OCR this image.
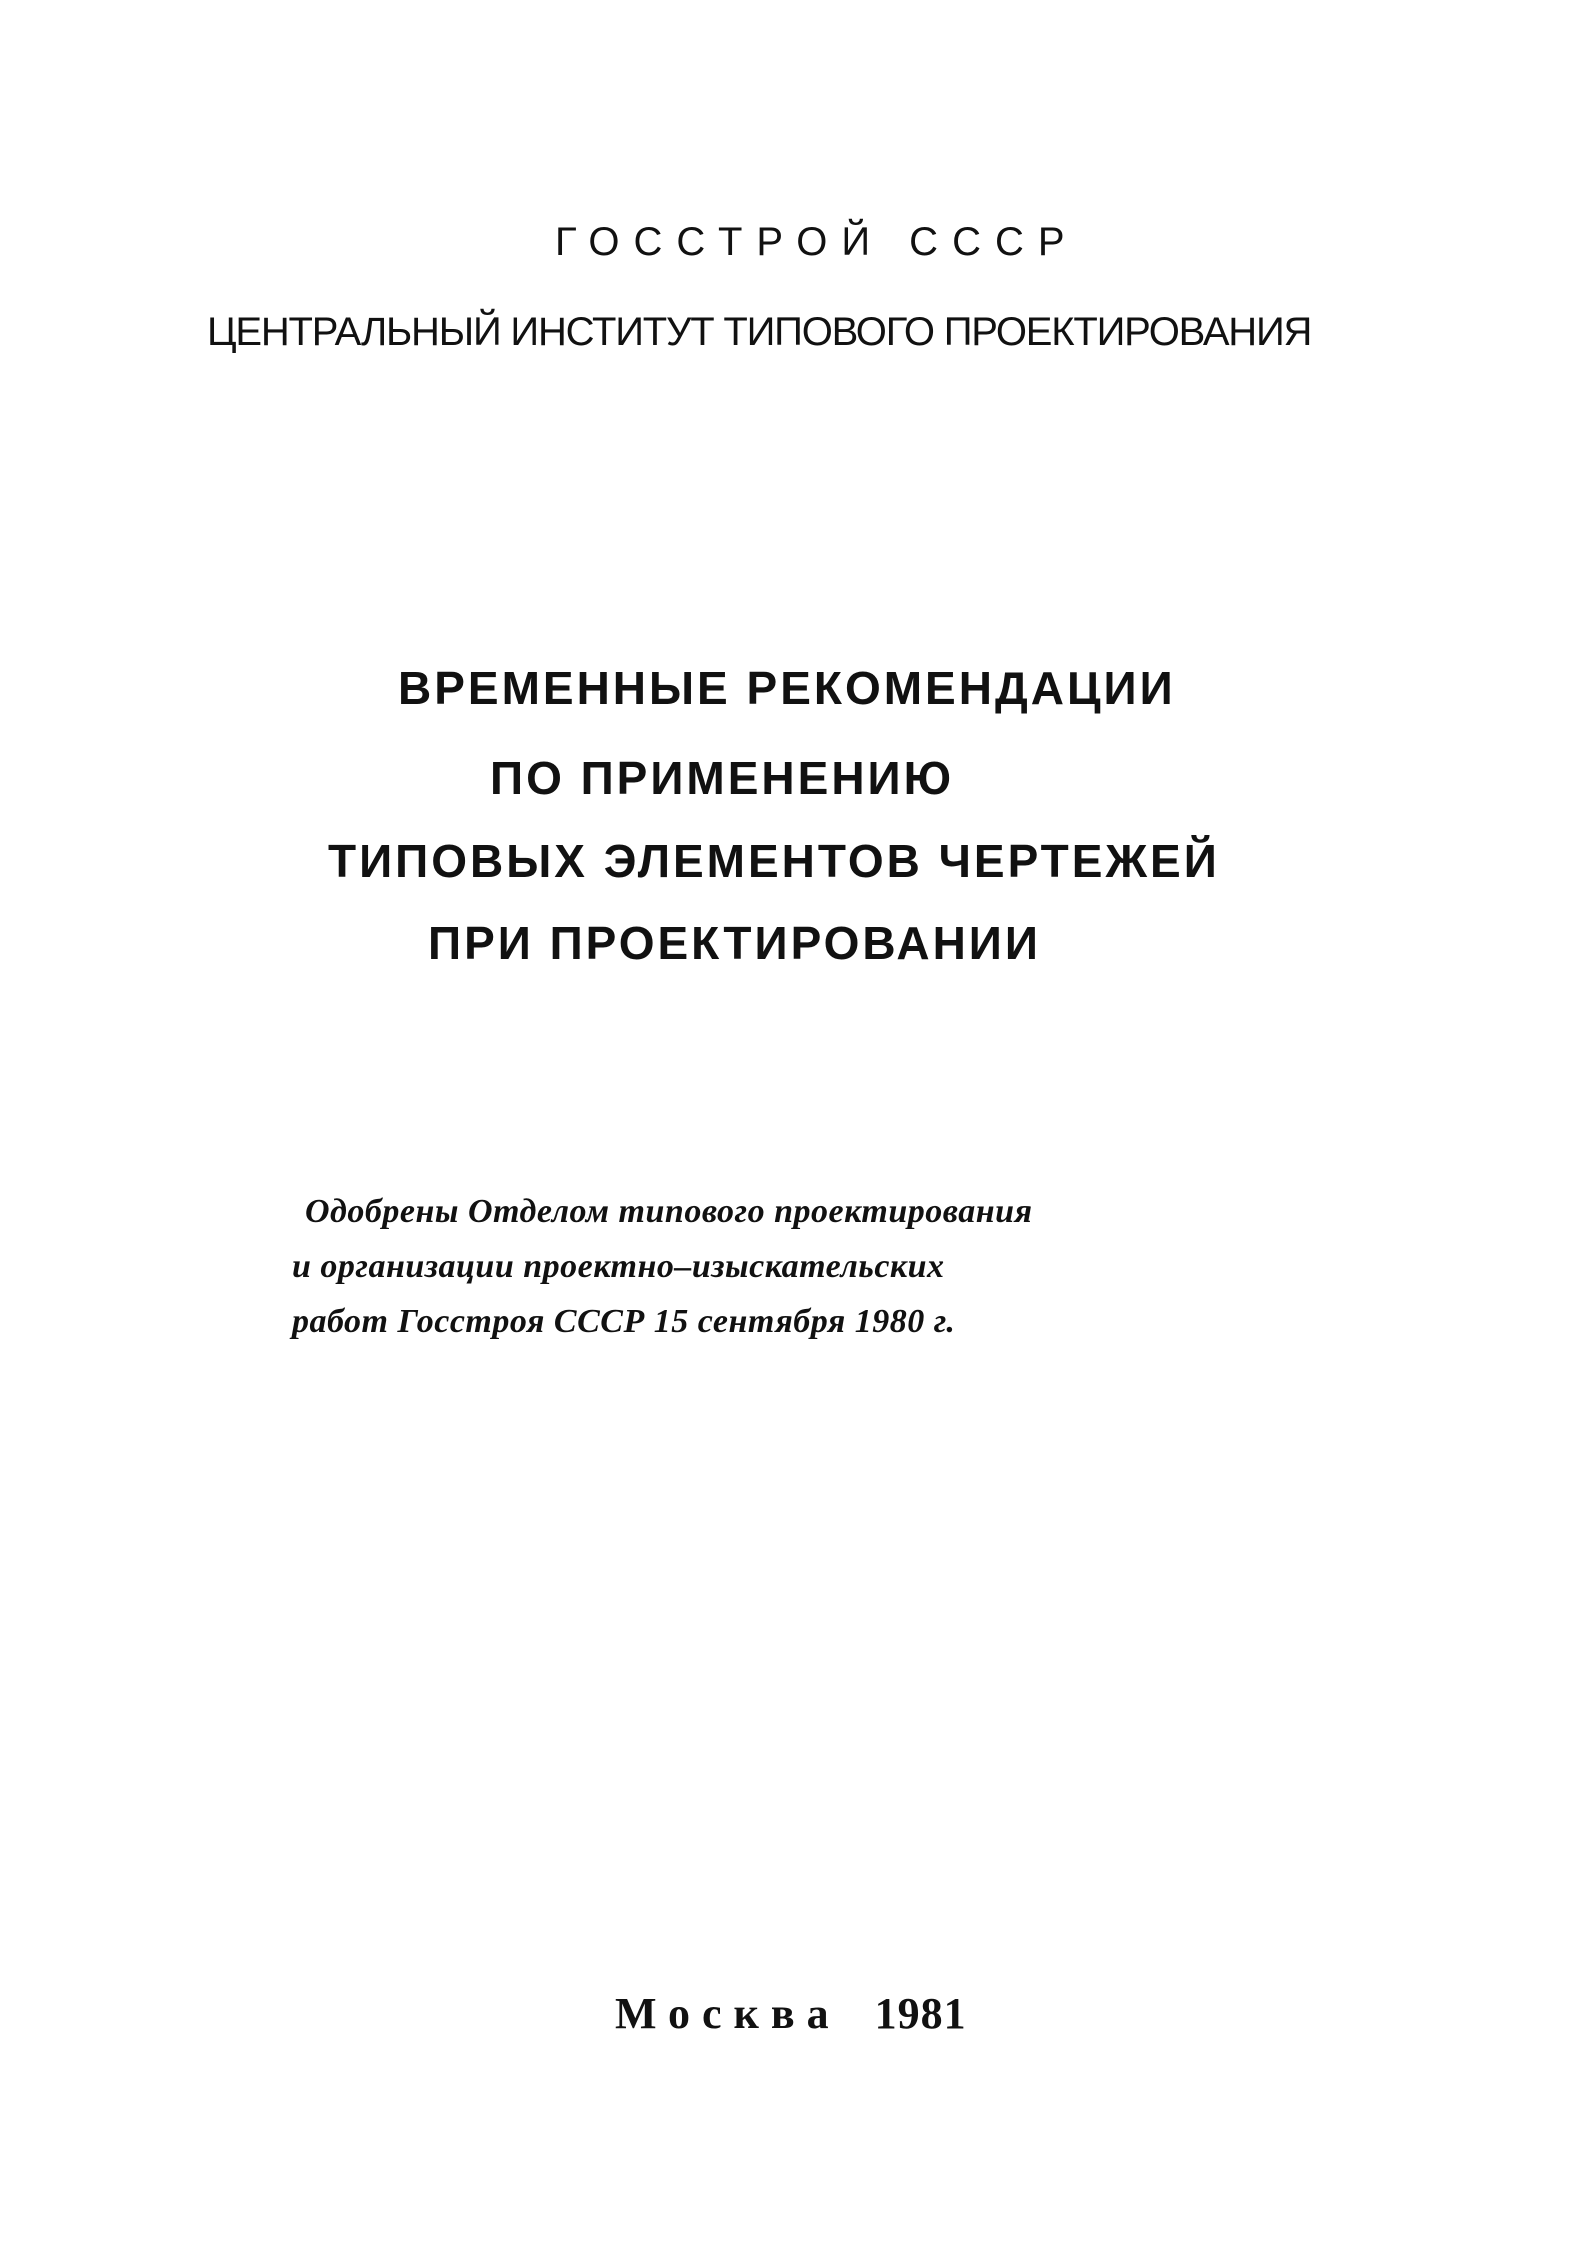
ГОССТРОЙ СССР

ЦЕНТРАЛЬНЫЙ ИНСТИТУТ ТИПОВОГО ПРОЕКТИРОВАНИЯ

ВРЕМЕННЫЕ РЕКОМЕНДАЦИИ

ПО ПРИМЕНЕНИЮ

ТИПОВЫХ ЭЛЕМЕНТОВ ЧЕРТЕЖЕЙ

ПРИ ПРОЕКТИРОВАНИИ

Одобрены Отделом типового проектирования

и организации проектно–изыскательских

работ Госстроя СССР 15 сентября 1980 г.

Москва 1981
